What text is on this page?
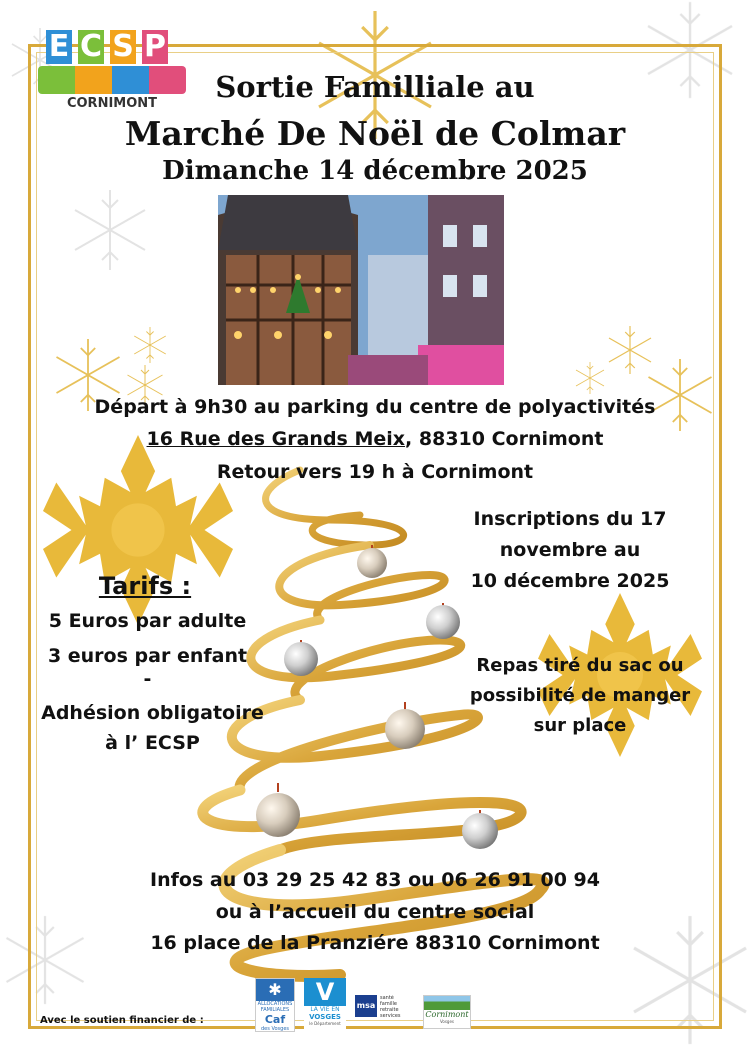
E C S P
CORNIMONT	Sortie Familliale au
Marché De Noël de Colmar
Dimanche 14 décembre 2025
Départ à 9h30 au parking du centre de polyactivités
16 Rue des Grands Meix, 88310 Cornimont
Retour vers 19 h à Cornimont
Inscriptions du 17
novembre au
10 décembre 2025
Tarifs :
5 Euros par adulte
3 euros par enfant
-
Adhésion obligatoire
à l’ ECSP
Repas tiré du sac ou
possibilité de manger
sur place
Infos au 03 29 25 42 83 ou 06 26 91 00 94
ou à l’accueil du centre social
16 place de la Pranziére 88310 Cornimont
Avec le soutien financier de :
✱
ALLOCATIONS
FAMILIALES
Caf
des Vosges
V
LA VIE EN
VOSGES
le Département
msa
santé
famille
retraite
services	Cornimont
Vosges
